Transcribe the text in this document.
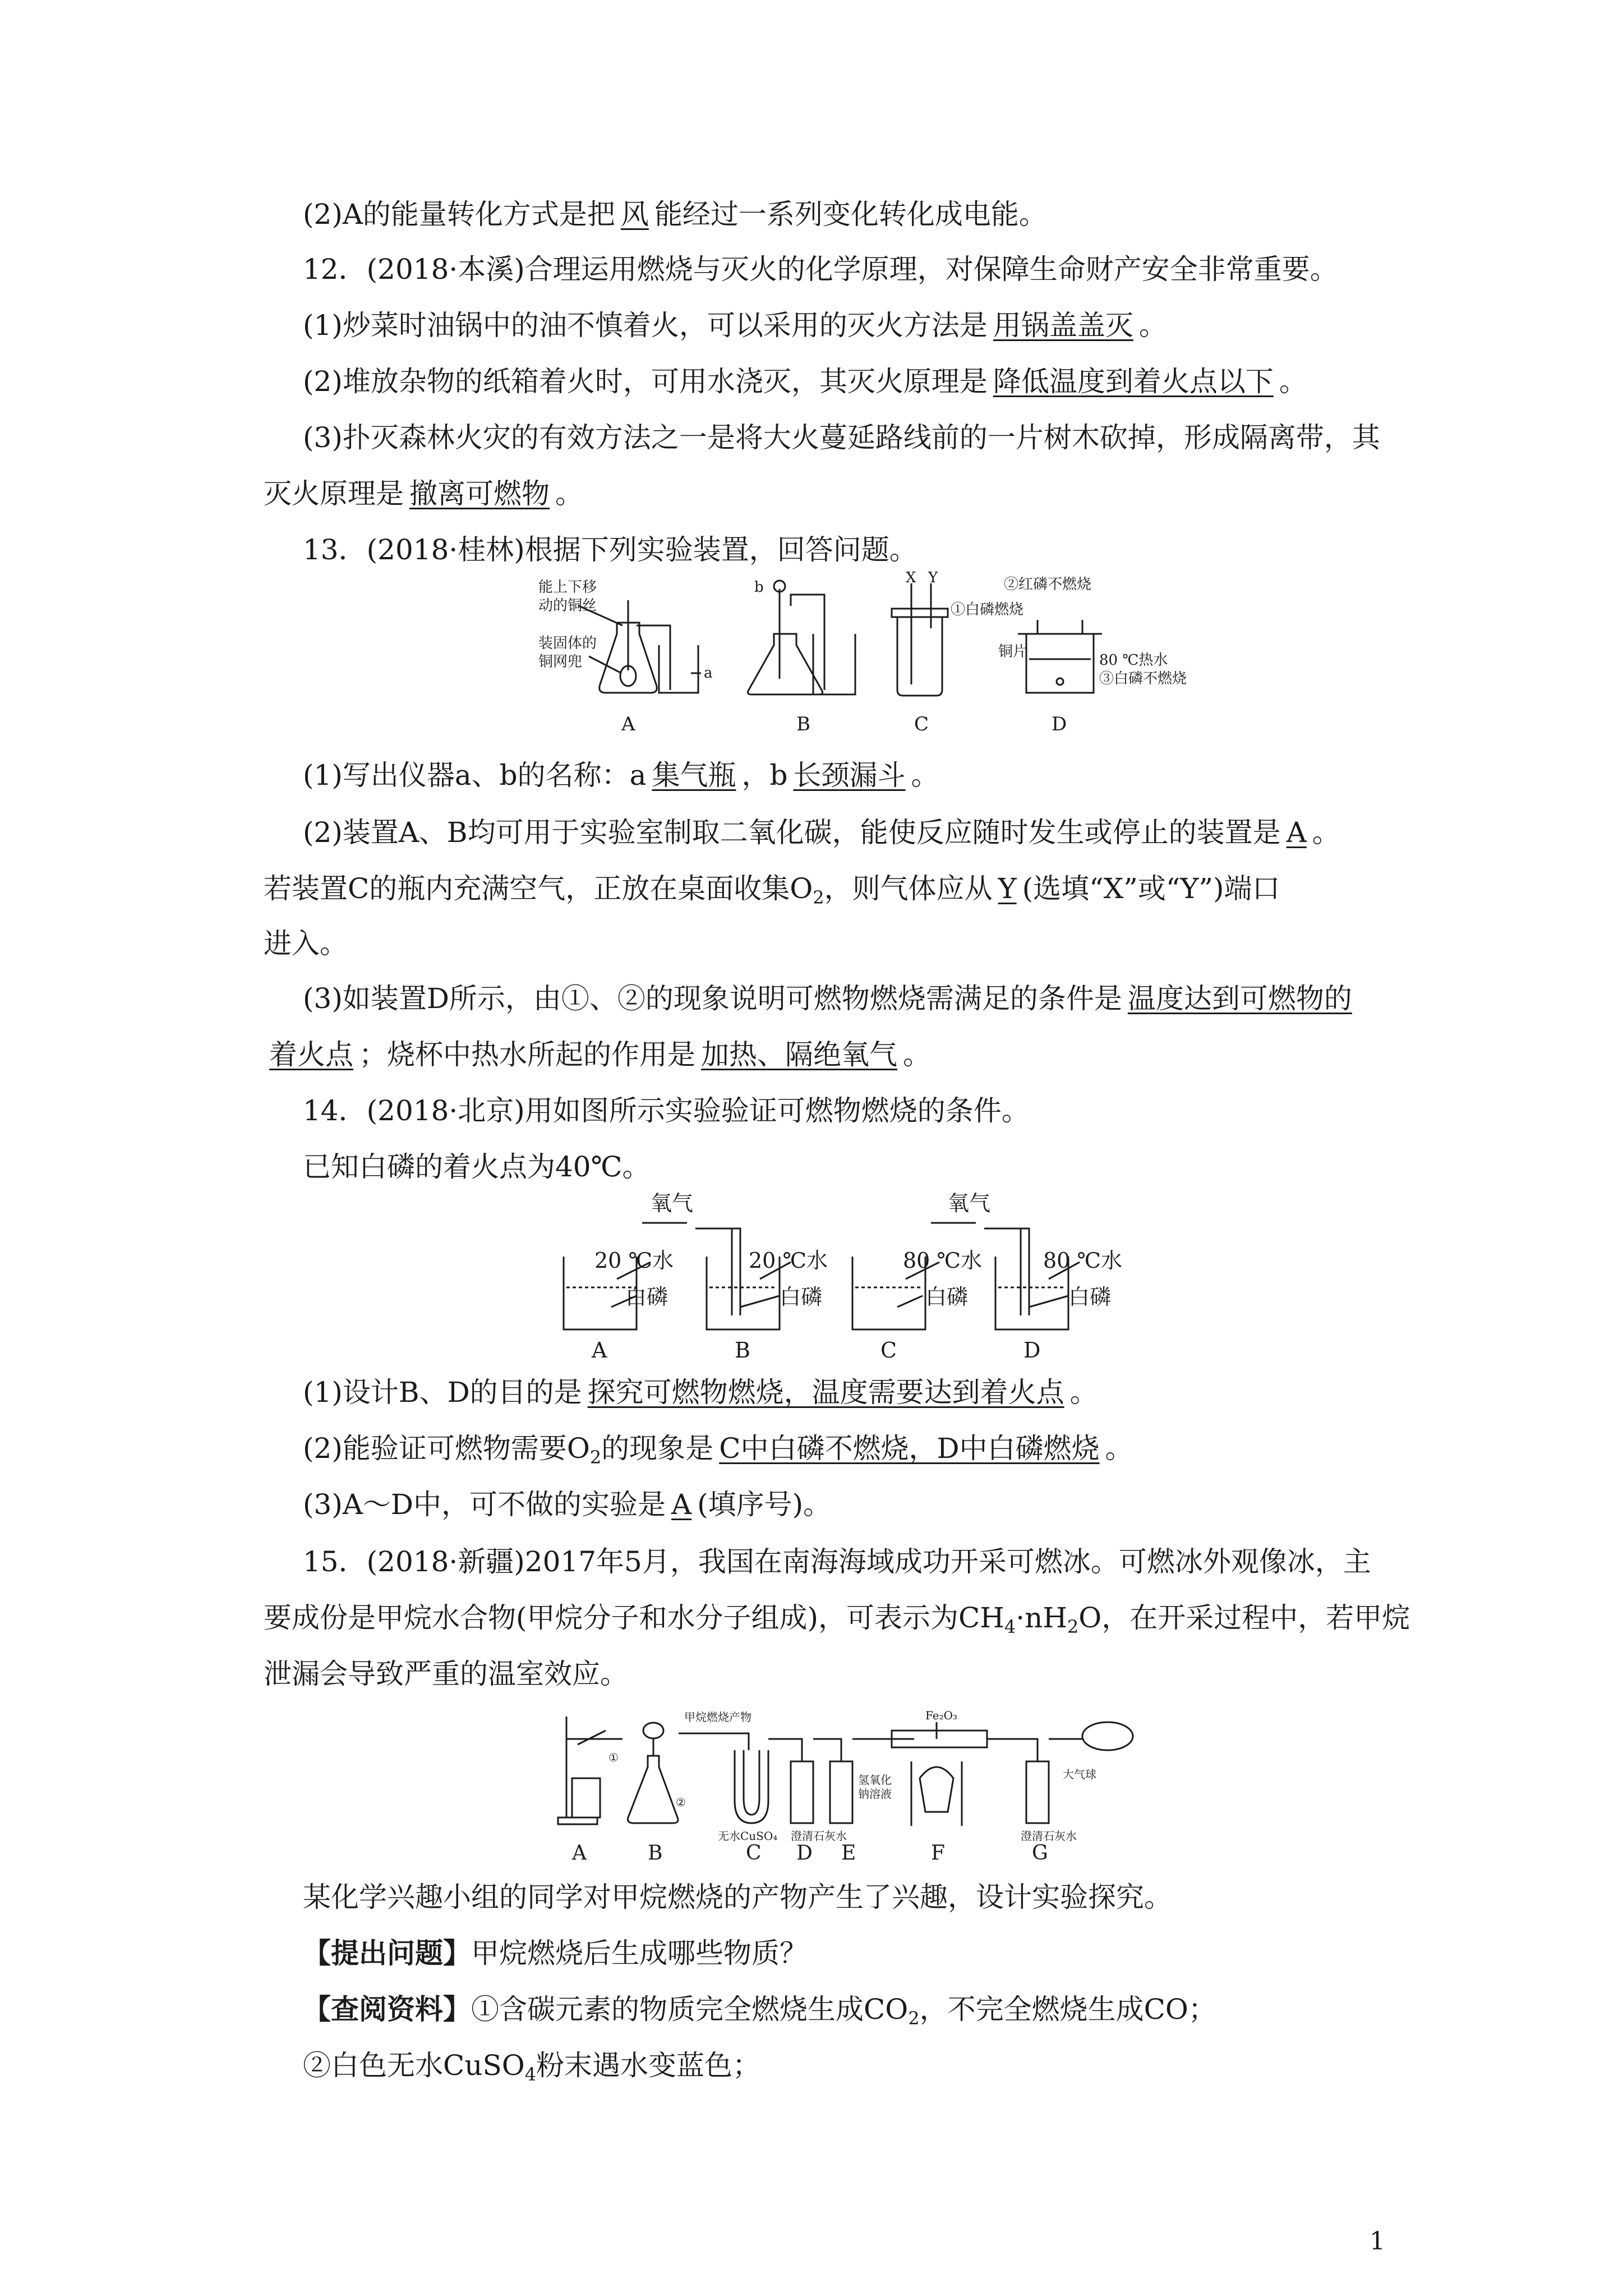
(2)A的能量转化方式是把 风 能经过一系列变化转化成电能。
12．(2018·本溪)合理运用燃烧与灭火的化学原理，对保障生命财产安全非常重要。
(1)炒菜时油锅中的油不慎着火，可以采用的灭火方法是 用锅盖盖灭 。
(2)堆放杂物的纸箱着火时，可用水浇灭，其灭火原理是 降低温度到着火点以下 。
(3)扑灭森林火灾的有效方法之一是将大火蔓延路线前的一片树木砍掉，形成隔离带，其
灭火原理是 撤离可燃物 。
13．(2018·桂林)根据下列实验装置，回答问题。
能上下移
动的铜丝
装固体的
铜网兜
a
b
X Y
①白磷燃烧
②红磷不燃烧
铜片	80 ℃热水
③白磷不燃烧
A	B	C	D
(1)写出仪器a、b的名称：a 集气瓶 ，b 长颈漏斗 。
(2)装置A、B均可用于实验室制取二氧化碳，能使反应随时发生或停止的装置是 A 。
若装置C的瓶内充满空气，正放在桌面收集$O_2$，则气体应从 Y (选填“X”或“Y”)端口
进入。
(3)如装置D所示，由①、②的现象说明可燃物燃烧需满足的条件是 温度达到可燃物的
着火点 ；烧杯中热水所起的作用是 加热、隔绝氧气 。
14．(2018·北京)用如图所示实验验证可燃物燃烧的条件。
已知白磷的着火点为40℃。
氧气	氧气
20 ℃水
白磷
20 ℃水
白磷
80 ℃水
白磷
80 ℃水
白磷
A	B	C	D
(1)设计B、D的目的是 探究可燃物燃烧，温度需要达到着火点 。
(2)能验证可燃物需要$O_2$的现象是 C中白磷不燃烧，D中白磷燃烧 。
(3)A～D中，可不做的实验是 A (填序号)。
15．(2018·新疆)2017年5月，我国在南海海域成功开采可燃冰。可燃冰外观像冰，主
要成份是甲烷水合物(甲烷分子和水分子组成)，可表示为$CH_4\cdot nH_2O$，在开采过程中，若甲烷
泄漏会导致严重的温室效应。
甲烷燃烧产物
①
②
无水CuSO₄ 澄清石灰水
氢氧化
钠溶液
Fe₂O₃
澄清石灰水
大气球
A	B	C D E	F	G
某化学兴趣小组的同学对甲烷燃烧的产物产生了兴趣，设计实验探究。
【提出问题】甲烷燃烧后生成哪些物质？
【查阅资料】①含碳元素的物质完全燃烧生成$CO_2$，不完全燃烧生成CO；
②白色无水CuSO$_4$粉末遇水变蓝色；
1
